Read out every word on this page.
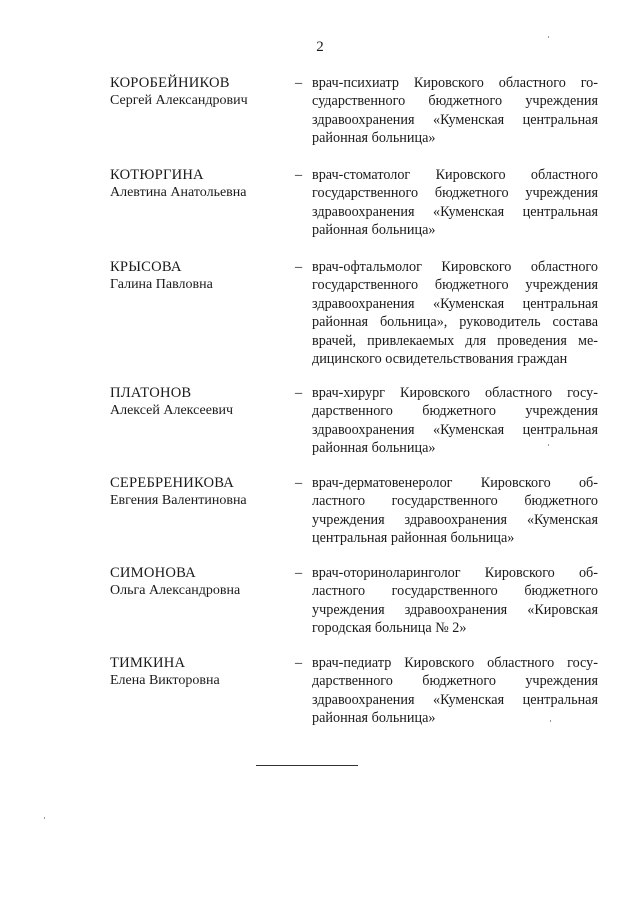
2
КОРОБЕЙНИКОВ
Сергей Александрович
– врач-психиатр Кировского областного го-
сударственного бюджетного учреждения
здравоохранения «Куменская центральная
районная больница»
КОТЮРГИНА
Алевтина Анатольевна
– врач-стоматолог Кировского областного
государственного бюджетного учреждения
здравоохранения «Куменская центральная
районная больница»
КРЫСОВА
Галина Павловна
– врач-офтальмолог Кировского областного
государственного бюджетного учреждения
здравоохранения «Куменская центральная
районная больница», руководитель состава
врачей, привлекаемых для проведения ме-
дицинского освидетельствования граждан
ПЛАТОНОВ
Алексей Алексеевич
– врач-хирург Кировского областного госу-
дарственного бюджетного учреждения
здравоохранения «Куменская центральная
районная больница»
СЕРЕБРЕНИКОВА
Евгения Валентиновна
– врач-дерматовенеролог Кировского об-
ластного государственного бюджетного
учреждения здравоохранения «Куменская
центральная районная больница»
СИМОНОВА
Ольга Александровна
– врач-оториноларинголог Кировского об-
ластного государственного бюджетного
учреждения здравоохранения «Кировская
городская больница № 2»
ТИМКИНА
Елена Викторовна
– врач-педиатр Кировского областного госу-
дарственного бюджетного учреждения
здравоохранения «Куменская центральная
районная больница»
